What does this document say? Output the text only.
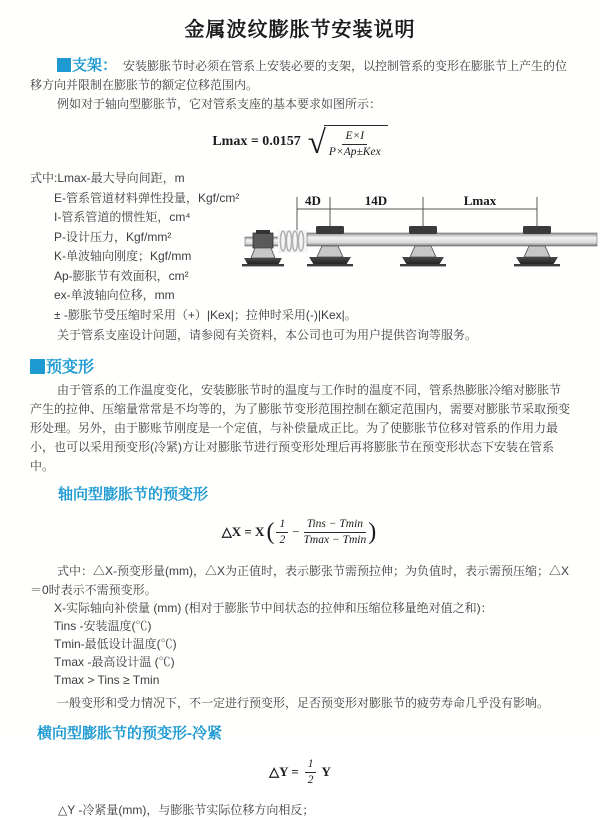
金属波纹膨胀节安装说明

支架： 安装膨胀节时必须在管系上安装必要的支架，以控制管系的变形在膨胀节上产生的位移方向并限制在膨胀节的额定位移范围内。

例如对于轴向型膨胀节，它对管系支座的基本要求如图所示：

Lmax = 0.0157 √ $\frac{E\times I}{\text{P×Ap±Kex}}$
式中:Lmax-最大导向间距，m
E-管系管道材料弹性投量，Kgf/cm²
I-管系管道的惯性矩，cm⁴
P-设计压力，Kgf/mm²
K-单波轴向刚度；Kgf/mm
Ap-膨胀节有效面积，cm²
ex-单波轴向位移，mm
± -膨胀节受压缩时采用（+）|Kex|；拉伸时采用(-)|Kex|。

关于管系支座设计问题，请参阅有关资料，本公司也可为用户提供咨询等服务。

预变形

由于管系的工作温度变化，安装膨胀节时的温度与工作时的温度不同，管系热膨胀冷缩对膨胀节产生的拉伸、压缩量常常是不均等的，为了膨胀节变形范围控制在额定范围内，需要对膨胀节采取预变形处理。另外，由于膨账节刚度是一个定值，与补偿量成正比。为了使膨胀节位移对管系的作用力最小，也可以采用预变形(冷紧)方让对膨胀节进行预变形处理后再将膨胀节在预变形状态下安装在管系中。

轴向型膨胀节的预变形
△X = X ( $\frac{1}{2} - \frac{\text{Tins − Tmin}}{Tmax - Tmin}$ )

式中：△X-预变形量(mm)，△X为正值时，表示膨张节需预拉伸；为负值时，表示需预压缩；△X＝0时表示不需预变形。

X-实际轴向补偿量 (mm) (相对于膨胀节中间状态的拉伸和压缩位移量绝对值之和)：
Tins -安装温度(℃)
Tmin-最低设计温度(℃)
Tmax -最高设计温 (℃)
Tmax > Tins ≥ Tmin

一般变形和受力情况下，不一定进行预变形，足否预变形对膨胀节的疲劳寿命几乎没有影响。

横向型膨胀节的预变形-冷紧
△Y = $\frac{1}{2}$ Y

△Y -冷紧量(mm)，与膨胀节实际位移方向相反；

4D	14D	Lmax
